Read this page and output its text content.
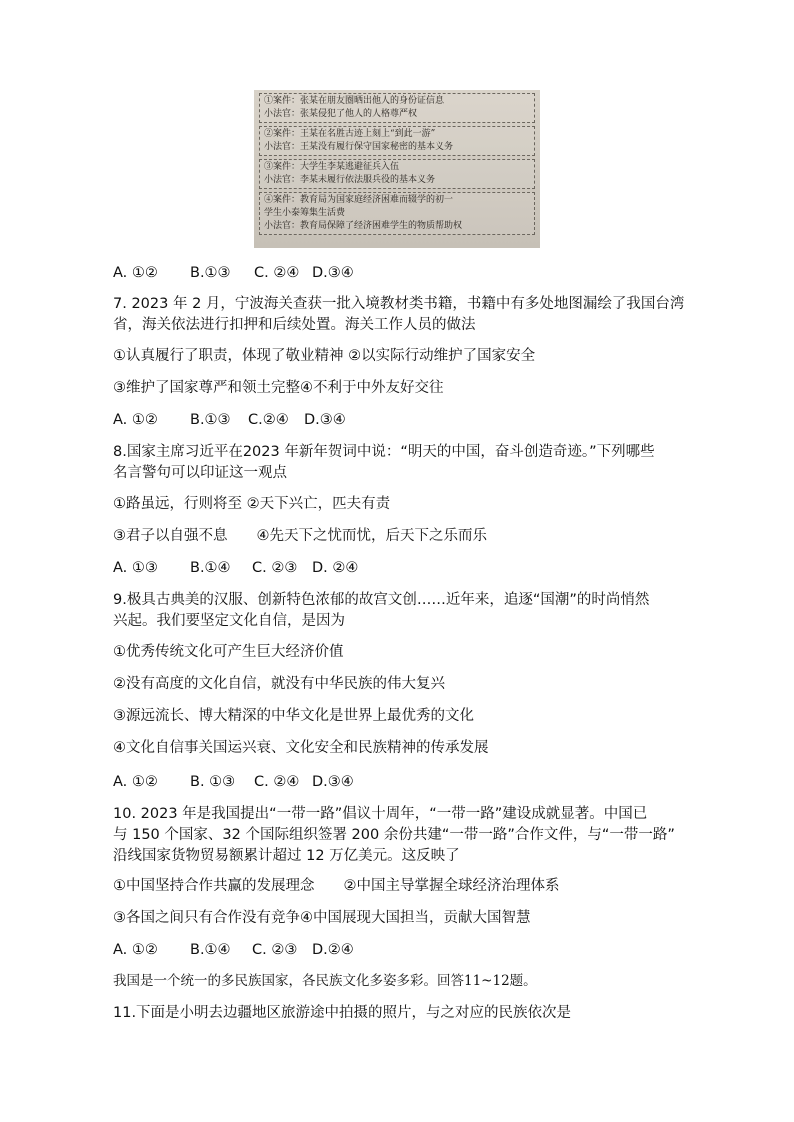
①案件：张某在朋友圈晒出他人的身份证信息
小法官：张某侵犯了他人的人格尊严权
②案件：王某在名胜古迹上刻上“到此一游”
小法官：王某没有履行保守国家秘密的基本义务
③案件：大学生李某逃避征兵入伍
小法官：李某未履行依法服兵役的基本义务
④案件：教育局为国家庭经济困难而辍学的初一
学生小泰筹集生活费
小法官：教育局保障了经济困难学生的物质帮助权
A. ①② B.①③ C. ②④ D.③④
7. 2023 年 2 月，宁波海关查获一批入境教材类书籍，书籍中有多处地图漏绘了我国台湾
省，海关依法进行扣押和后续处置。海关工作人员的做法
①认真履行了职责，体现了敬业精神 ②以实际行动维护了国家安全
③维护了国家尊严和领土完整④不利于中外友好交往
A. ①② B.①③ C.②④ D.③④
8.国家主席习近平在2023 年新年贺词中说：“明天的中国，奋斗创造奇迹。”下列哪些
名言警句可以印证这一观点
①路虽远，行则将至 ②天下兴亡，匹夫有责
③君子以自强不息　　④先天下之忧而忧，后天下之乐而乐
A. ①③ B.①④ C. ②③ D. ②④
9.极具古典美的汉服、创新特色浓郁的故宫文创……近年来，追逐“国潮”的时尚悄然
兴起。我们要坚定文化自信，是因为
①优秀传统文化可产生巨大经济价值
②没有高度的文化自信，就没有中华民族的伟大复兴
③源远流长、博大精深的中华文化是世界上最优秀的文化
④文化自信事关国运兴衰、文化安全和民族精神的传承发展
A. ①② B. ①③ C. ②④ D.③④
10. 2023 年是我国提出“一带一路”倡议十周年，“一带一路”建设成就显著。中国已
与 150 个国家、32 个国际组织签署 200 余份共建“一带一路”合作文件，与“一带一路”
沿线国家货物贸易额累计超过 12 万亿美元。这反映了
①中国坚持合作共赢的发展理念　　②中国主导掌握全球经济治理体系
③各国之间只有合作没有竞争④中国展现大国担当，贡献大国智慧
A. ①② B.①④ C. ②③ D.②④
我国是一个统一的多民族国家，各民族文化多姿多彩。回答11~12题。
11.下面是小明去边疆地区旅游途中拍摄的照片，与之对应的民族依次是
